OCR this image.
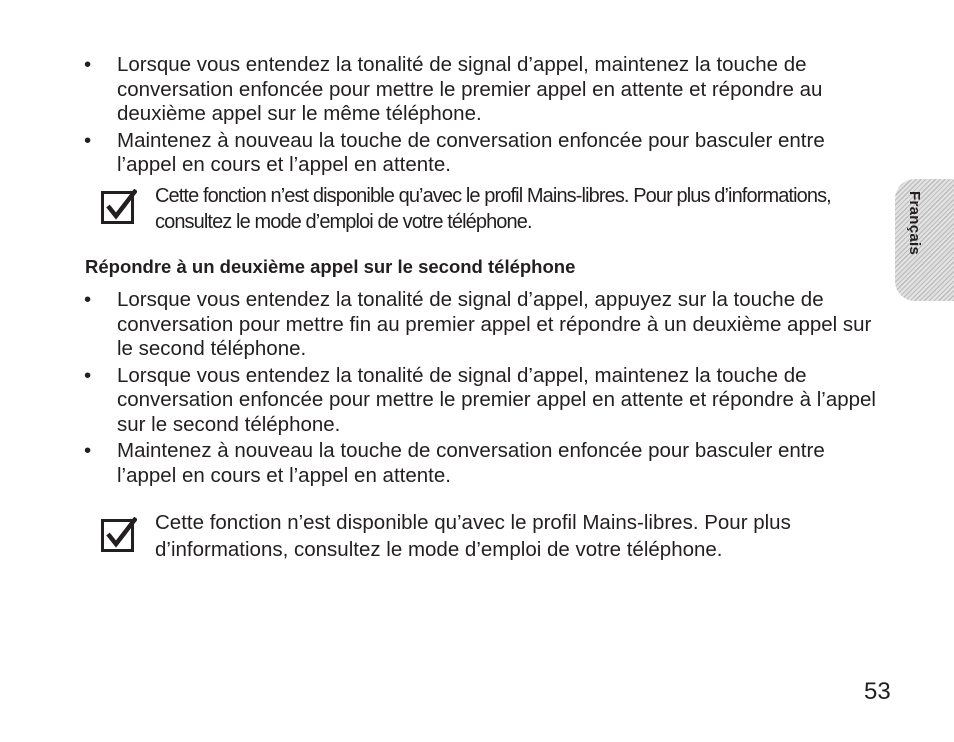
• Lorsque vous entendez la tonalité de signal d’appel, maintenez la touche de conversation enfoncée pour mettre le premier appel en attente et répondre au deuxième appel sur le même téléphone.
• Maintenez à nouveau la touche de conversation enfoncée pour basculer entre l’appel en cours et l’appel en attente.

Cette fonction n’est disponible qu’avec le profil Mains-libres. Pour plus d’informations, consultez le mode d’emploi de votre téléphone.

Répondre à un deuxième appel sur le second téléphone
• Lorsque vous entendez la tonalité de signal d’appel, appuyez sur la touche de conversation pour mettre fin au premier appel et répondre à un deuxième appel sur le second téléphone.
• Lorsque vous entendez la tonalité de signal d’appel, maintenez la touche de conversation enfoncée pour mettre le premier appel en attente et répondre à l’appel sur le second téléphone.
• Maintenez à nouveau la touche de conversation enfoncée pour basculer entre l’appel en cours et l’appel en attente.

Cette fonction n’est disponible qu’avec le profil Mains-libres. Pour plus d’informations, consultez le mode d’emploi de votre téléphone.

Français

53
